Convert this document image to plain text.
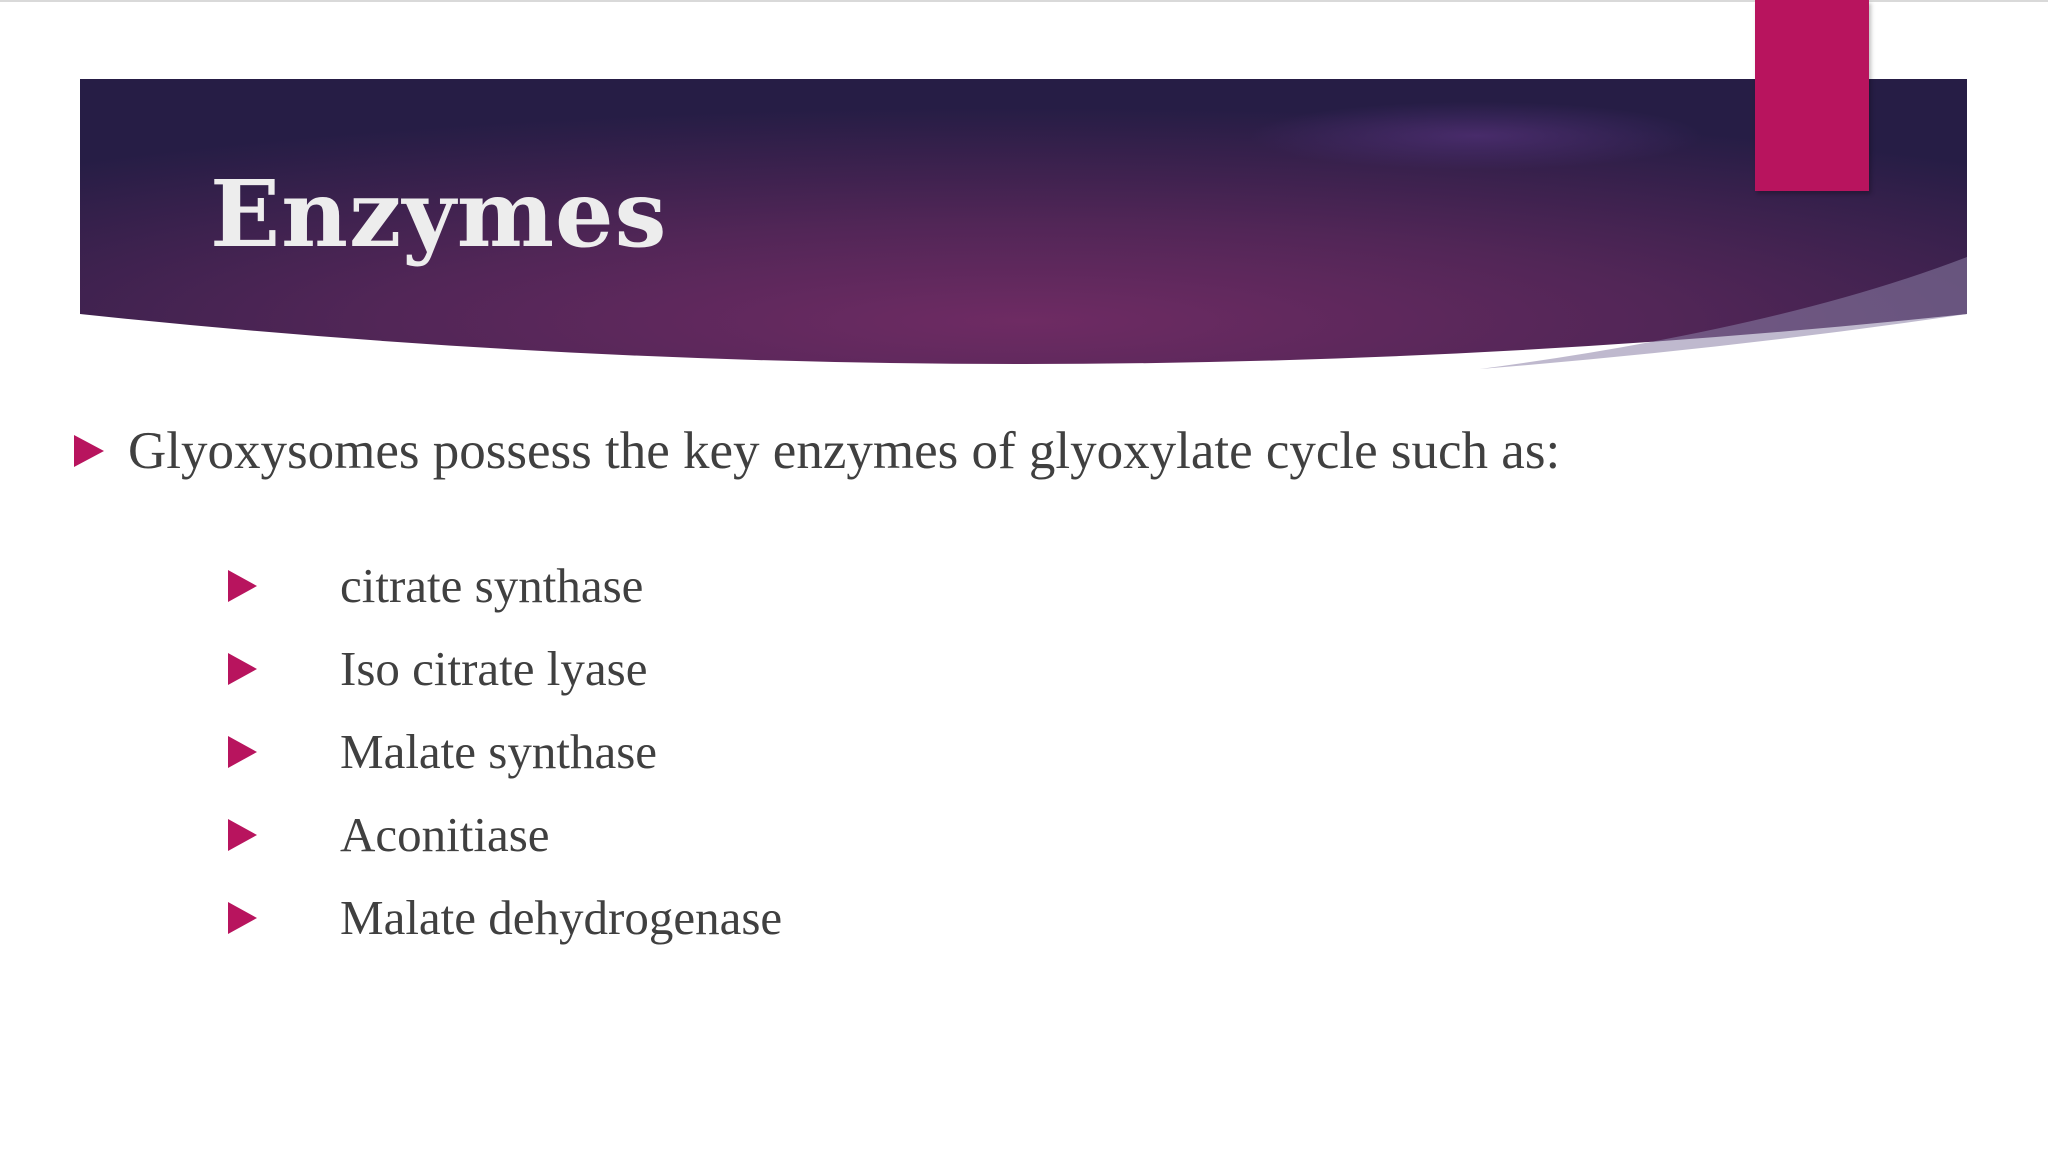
Enzymes
Glyoxysomes possess the key enzymes of glyoxylate cycle such as:
citrate synthase
Iso citrate lyase
Malate synthase
Aconitiase
Malate dehydrogenase
